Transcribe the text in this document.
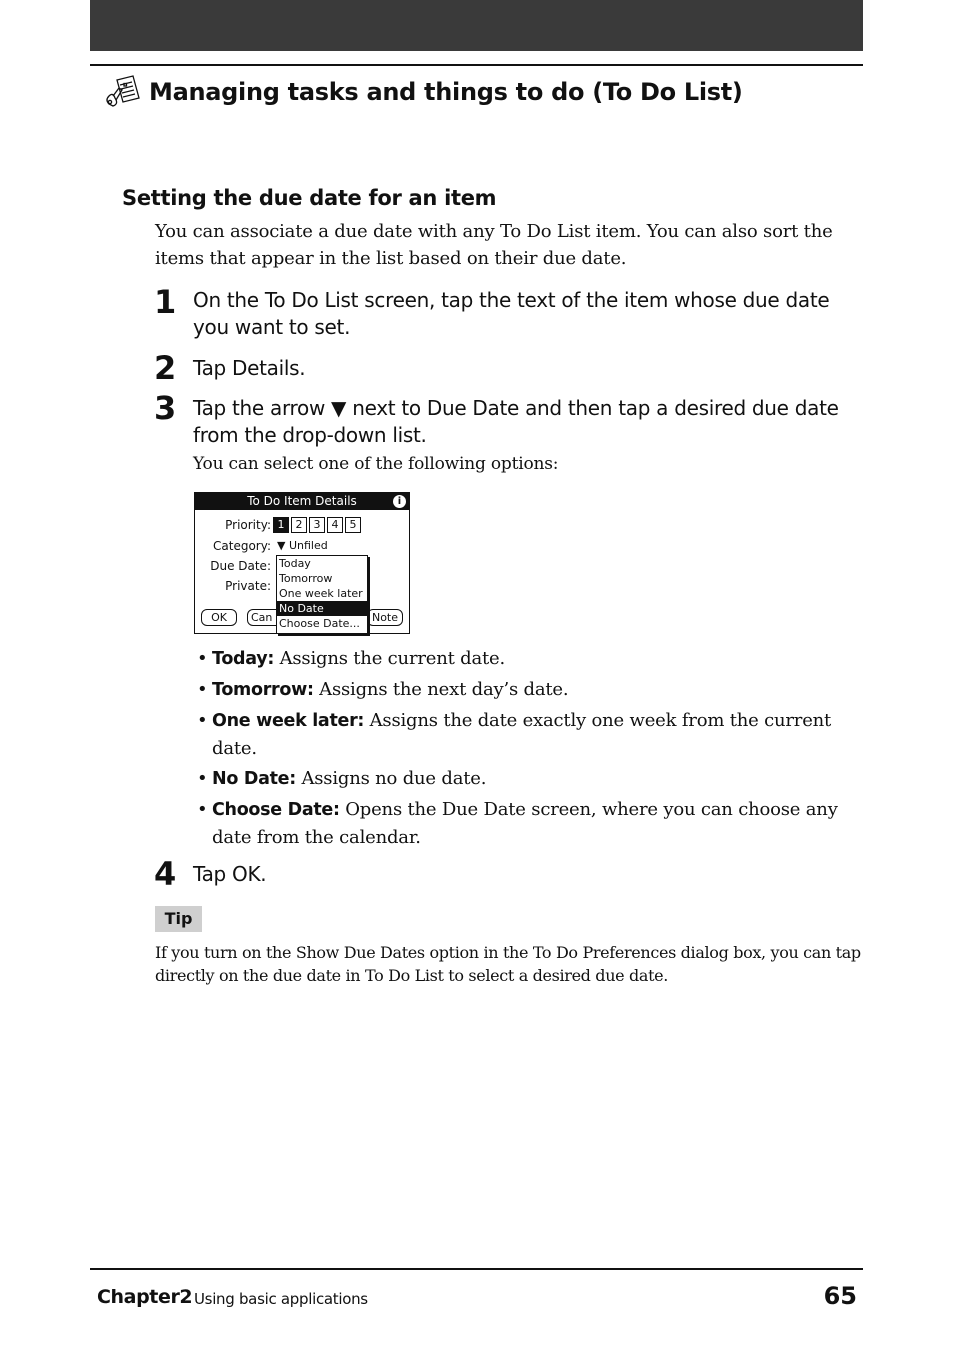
Managing tasks and things to do (To Do List)
Setting the due date for an item
You can associate a due date with any To Do List item. You can also sort the items that appear in the list based on their due date.
1 On the To Do List screen, tap the text of the item whose due date you want to set.
2 Tap Details.
3 Tap the arrow ▼ next to Due Date and then tap a desired due date from the drop-down list.
You can select one of the following options:
To Do Item Details	i
Priority: 1	2	3	4	5
Category: ▼ Unfiled
Due Date:
Private:
OK	Can	Note
Today
Tomorrow
One week later
No Date
Choose Date...
• Today: Assigns the current date.
• Tomorrow: Assigns the next day’s date.
• One week later: Assigns the date exactly one week from the current date.
• No Date: Assigns no due date.
• Choose Date: Opens the Due Date screen, where you can choose any date from the calendar.
4 Tap OK.
Tip
If you turn on the Show Due Dates option in the To Do Preferences dialog box, you can tap directly on the due date in To Do List to select a desired due date.
Chapter2 Using basic applications	65
